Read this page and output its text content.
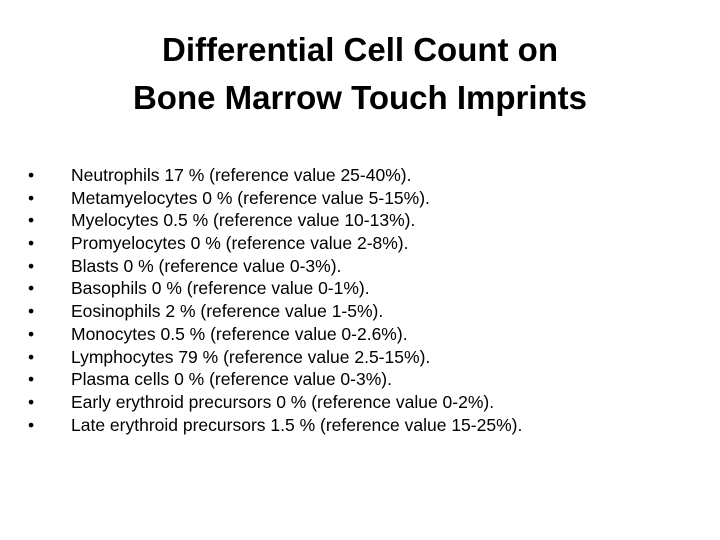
Differential Cell Count on
Bone Marrow Touch Imprints
• Neutrophils 17 % (reference value 25-40%).
• Metamyelocytes 0 % (reference value 5-15%).
• Myelocytes 0.5 % (reference value 10-13%).
• Promyelocytes 0 % (reference value 2-8%).
• Blasts 0 % (reference value 0-3%).
• Basophils 0 % (reference value 0-1%).
• Eosinophils 2 % (reference value 1-5%).
• Monocytes 0.5 % (reference value 0-2.6%).
• Lymphocytes 79 % (reference value 2.5-15%).
• Plasma cells 0 % (reference value 0-3%).
• Early erythroid precursors 0 % (reference value 0-2%).
• Late erythroid precursors 1.5 % (reference value 15-25%).
